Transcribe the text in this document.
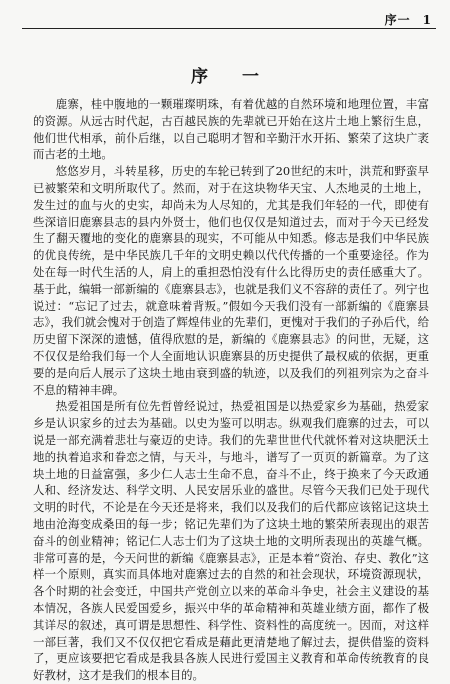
序一 1
序 一

鹿寨，桂中腹地的一颗璀璨明珠，有着优越的自然环境和地理位置，丰富的资源。从远古时代起，古百越民族的先辈就已开始在这片土地上繁衍生息，他们世代相承，前仆后继，以自己聪明才智和辛勤汗水开拓、繁荣了这块广袤而古老的土地。

悠悠岁月，斗转星移，历史的车轮已转到了20世纪的末叶，洪荒和野蛮早已被繁荣和文明所取代了。然而，对于在这块物华天宝、人杰地灵的土地上，发生过的血与火的史实，却尚未为人尽知的，尤其是我们年轻的一代，即使有些深谙旧鹿寨县志的县内外贤士，他们也仅仅是知道过去，而对于今天已经发生了翻天覆地的变化的鹿寨县的现实，不可能从中知悉。修志是我们中华民族的优良传统，是中华民族几千年的文明史赖以代代传播的一个重要途径。作为处在每一时代生活的人，肩上的重担恐怕没有什么比得历史的责任感重大了。基于此，编辑一部新编的《鹿寨县志》，也就是我们义不容辞的责任了。列宁也说过：“忘记了过去，就意味着背叛。”假如今天我们没有一部新编的《鹿寨县志》，我们就会愧对于创造了辉煌伟业的先辈们，更愧对于我们的子孙后代，给历史留下深深的遗憾，值得欣慰的是，新编的《鹿寨县志》的问世，无疑，这不仅仅是给我们每一个人全面地认识鹿寨县的历史提供了最权威的依据，更重要的是向后人展示了这块土地由衰到盛的轨迹，以及我们的列祖列宗为之奋斗不息的精神丰碑。

热爱祖国是所有位先哲曾经说过，热爱祖国是以热爱家乡为基础，热爱家乡是认识家乡的过去为基础。以史为鉴可以明志。纵观我们鹿寨的过去，可以说是一部充满着悲壮与豪迈的史诗。我们的先辈世世代代就怀着对这块肥沃土地的执着追求和眷恋之情，与天斗，与地斗，谱写了一页页的新篇章。为了这块土地的日益富强，多少仁人志士生命不息，奋斗不止，终于换来了今天政通人和、经济发达、科学文明、人民安居乐业的盛世。尽管今天我们已处于现代文明的时代，不论是在今天还是将来，我们以及我们的后代都应该铭记这块土地由沧海变成桑田的每一步；铭记先辈们为了这块土地的繁荣所表现出的艰苦奋斗的创业精神；铭记仁人志士们为了这块土地的文明所表现出的英雄气概。非常可喜的是，今天问世的新编《鹿寨县志》，正是本着“资治、存史、教化”这样一个原则，真实而具体地对鹿寨过去的自然的和社会现状，环境资源现状，各个时期的社会变迁，中国共产党创立以来的革命斗争史，社会主义建设的基本情况，各族人民爱国爱乡，振兴中华的革命精神和英雄业绩方面，都作了极其详尽的叙述，真可谓是思想性、科学性、资料性的高度统一。因而，对这样一部巨著，我们又不仅仅把它看成是藉此更清楚地了解过去，提供借鉴的资料了，更应该要把它看成是我县各族人民进行爱国主义教育和革命传统教育的良好教材，这才是我们的根本目的。
